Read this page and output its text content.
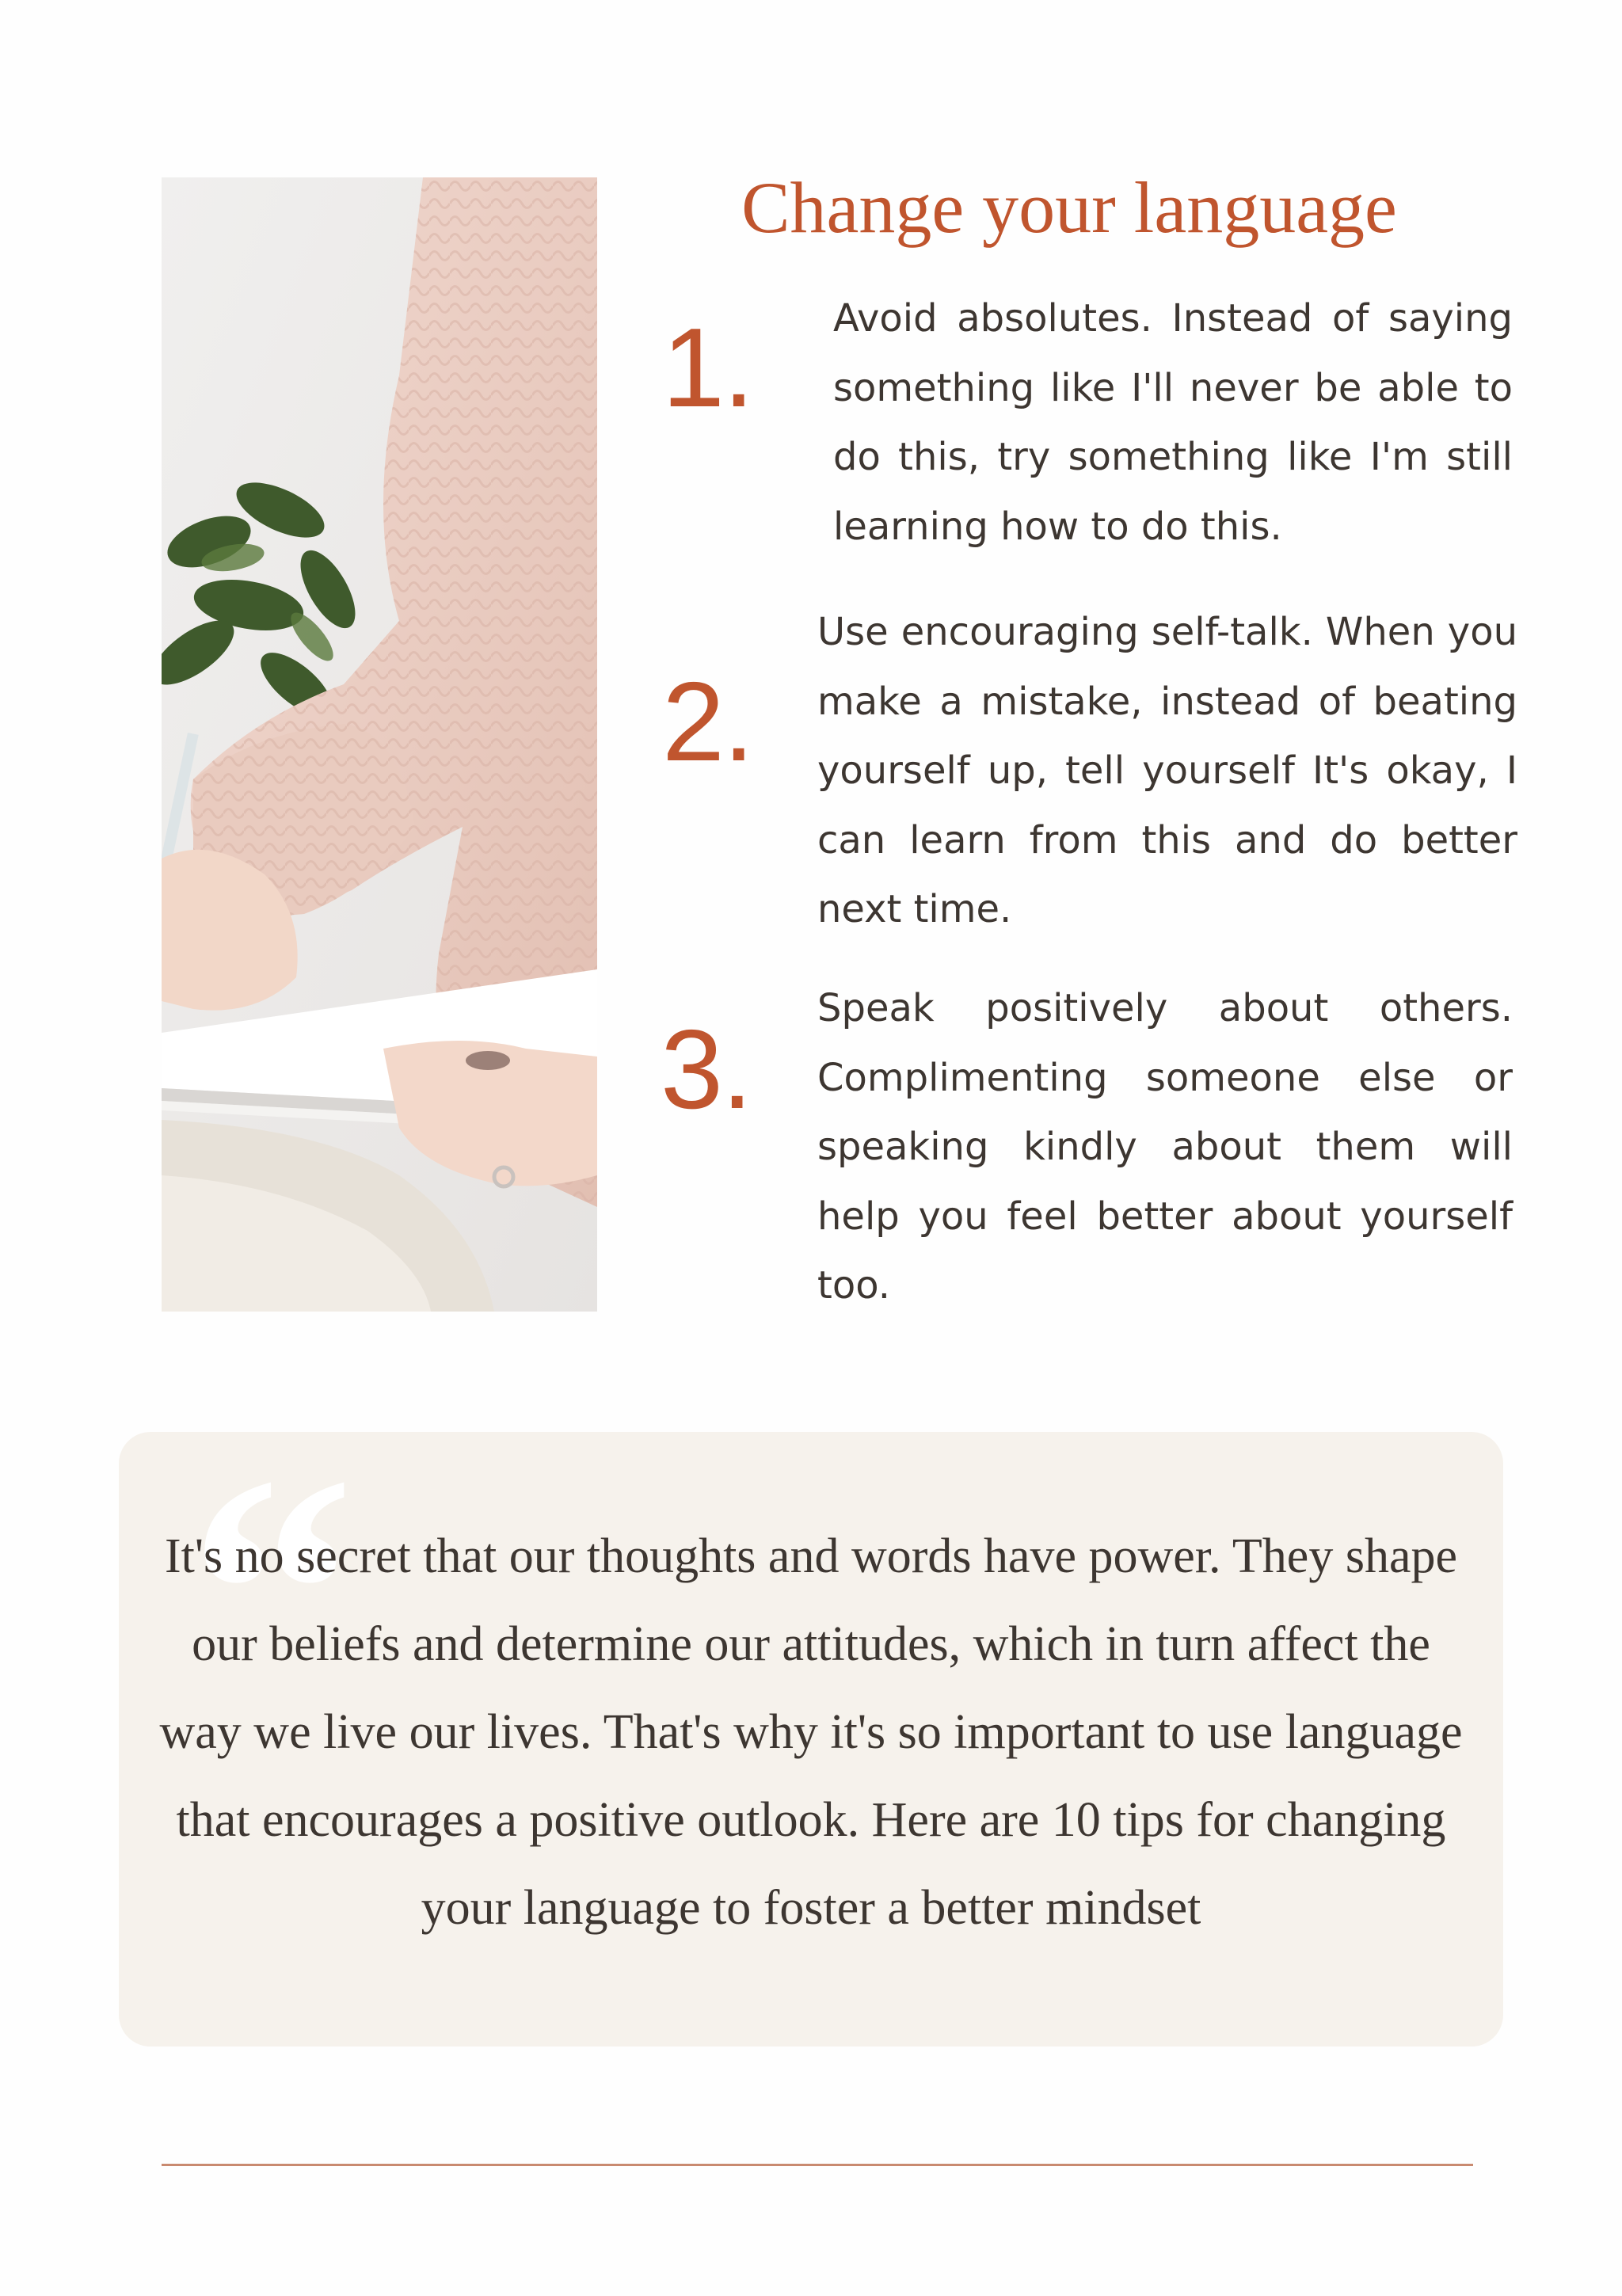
Change your language
1. Avoid absolutes. Instead of saying something like I'll never be able to do this, try something like I'm still learning how to do this.

2.

Use encouraging self-talk. When you make a mistake, instead of beating yourself up, tell yourself It's okay, I can learn from this and do better next time.

3. Speak positively about others. Complimenting someone else or speaking kindly about them will help you feel better about yourself too.

“

It's no secret that our thoughts and words have power. They shape our beliefs and determine our attitudes, which in turn affect the way we live our lives. That's why it's so important to use language that encourages a positive outlook. Here are 10 tips for changing your language to foster a better mindset
